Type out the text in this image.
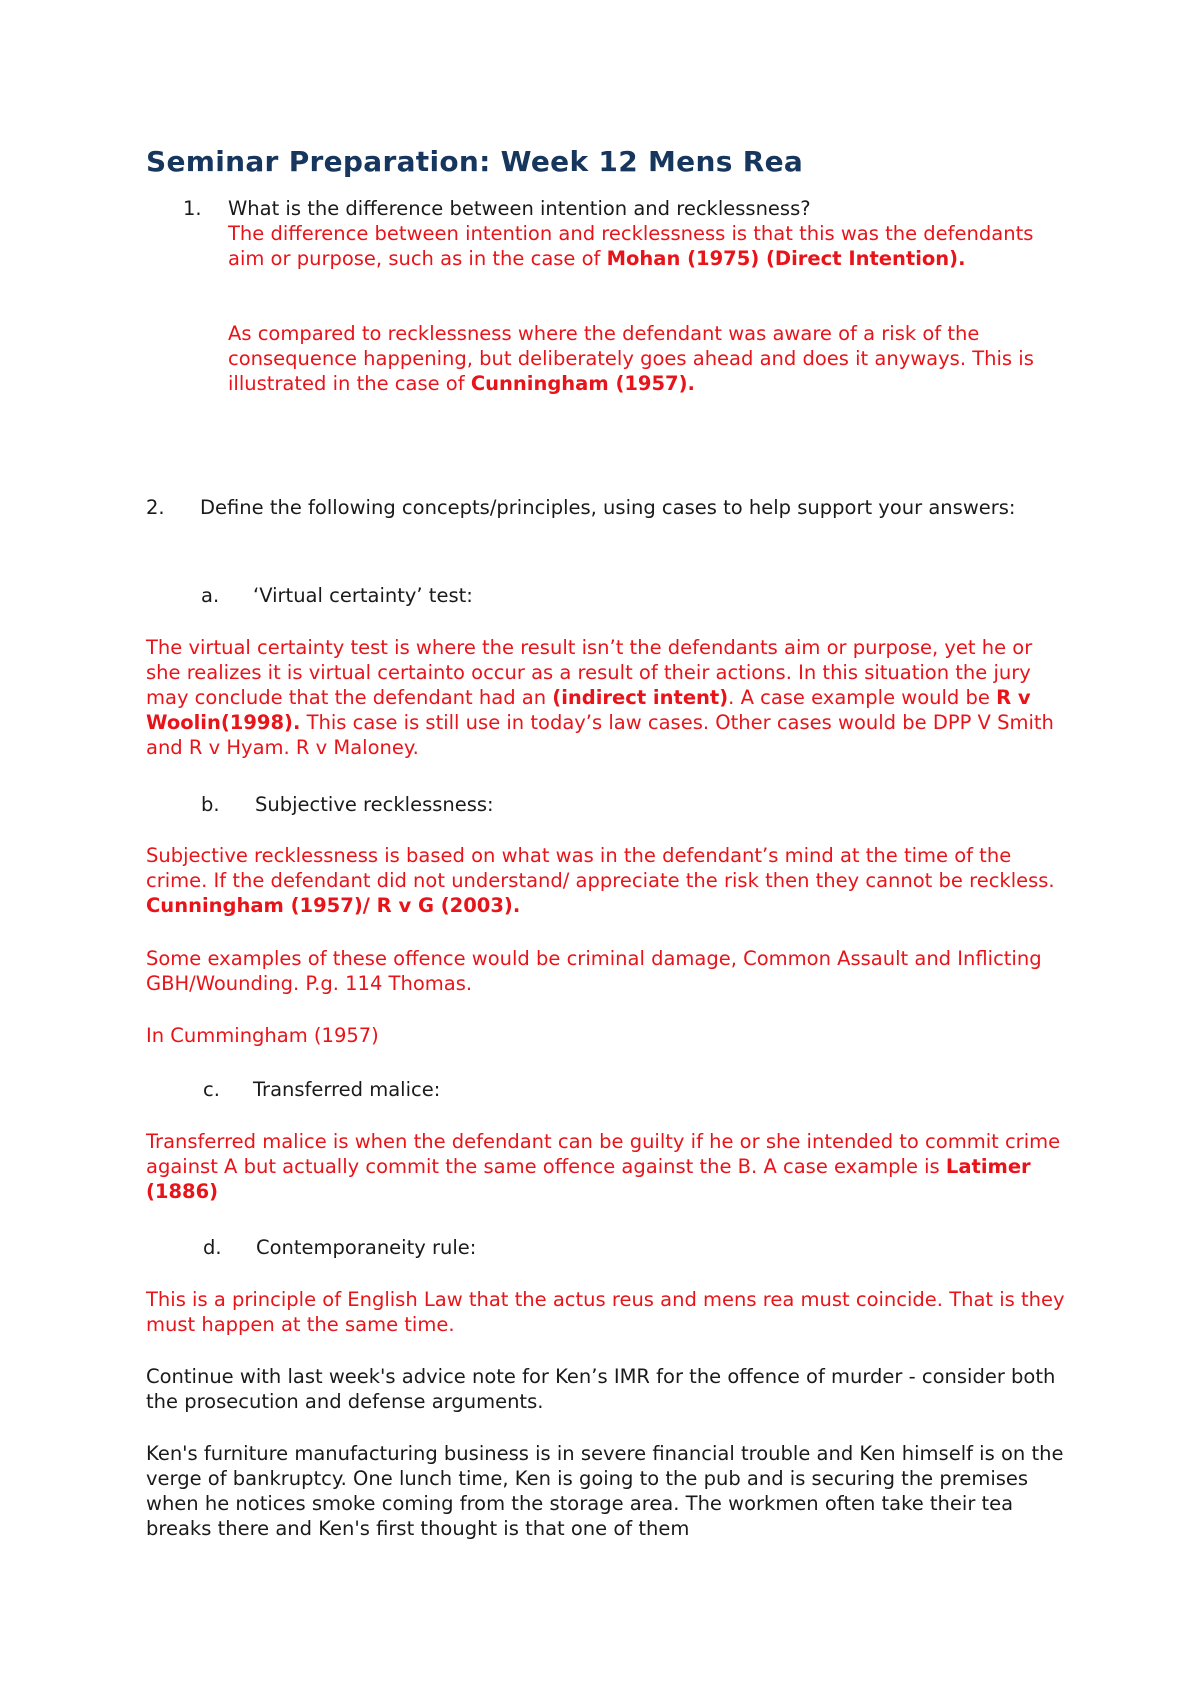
Seminar Preparation: Week 12 Mens Rea
1. What is the difference between intention and recklessness?

The difference between intention and recklessness is that this was the defendants aim or purpose, such as in the case of Mohan (1975) (Direct Intention).

As compared to recklessness where the defendant was aware of a risk of the consequence happening, but deliberately goes ahead and does it anyways. This is illustrated in the case of Cunningham (1957).

2.	Define the following concepts/principles, using cases to help support your answers:

a. ‘Virtual certainty’ test:

The virtual certainty test is where the result isn’t the defendants aim or purpose, yet he or she realizes it is virtual certainto occur as a result of their actions. In this situation the jury may conclude that the defendant had an (indirect intent). A case example would be R v Woolin(1998). This case is still use in today’s law cases. Other cases would be DPP V Smith and R v Hyam. R v Maloney.

b. Subjective recklessness:

Subjective recklessness is based on what was in the defendant’s mind at the time of the crime. If the defendant did not understand/ appreciate the risk then they cannot be reckless. Cunningham (1957)/ R v G (2003).

Some examples of these offence would be criminal damage, Common Assault and Inflicting GBH/Wounding. P.g. 114 Thomas.

In Cummingham (1957)

c. Transferred malice:

Transferred malice is when the defendant can be guilty if he or she intended to commit crime against A but actually commit the same offence against the B. A case example is Latimer (1886)

d. Contemporaneity rule:

This is a principle of English Law that the actus reus and mens rea must coincide. That is they must happen at the same time.

Continue with last week's advice note for Ken’s IMR for the offence of murder - consider both the prosecution and defense arguments.

Ken's furniture manufacturing business is in severe financial trouble and Ken himself is on the verge of bankruptcy. One lunch time, Ken is going to the pub and is securing the premises when he notices smoke coming from the storage area. The workmen often take their tea breaks there and Ken's first thought is that one of them
